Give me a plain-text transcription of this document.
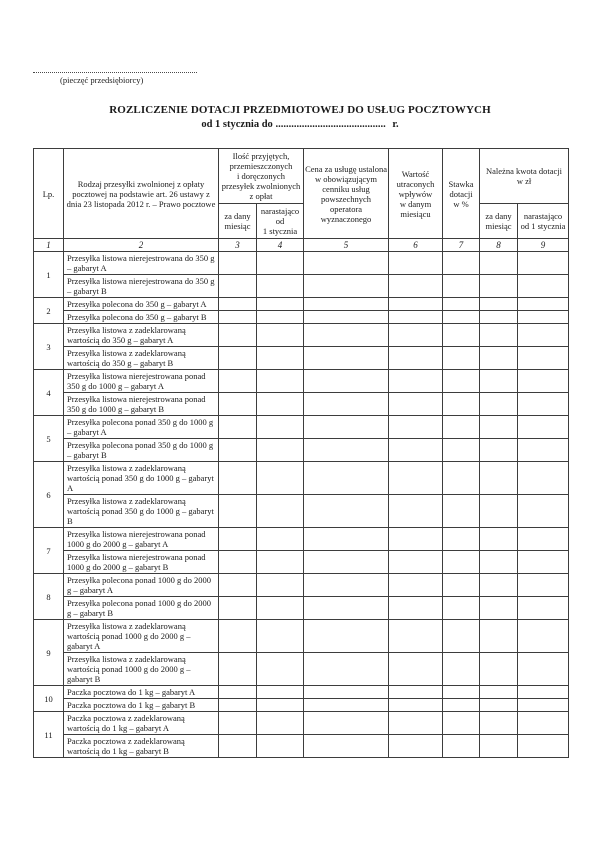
(pieczęć przedsiębiorcy)
ROZLICZENIE DOTACJI PRZEDMIOTOWEJ DO USŁUG POCZTOWYCH
od 1 stycznia do .......................................... r.
Lp.	Rodzaj przesyłki zwolnionej z opłaty pocztowej na podstawie art. 26 ustawy z dnia 23 listopada 2012 r. – Prawo pocztowe	Ilość przyjętych, przemieszczonych i doręczonych przesyłek zwolnionych z opłat		Cena za usługę ustalona w obowiązującym cenniku usług powszechnych operatora wyznaczonego	Wartość utraconych wpływów w danym miesiącu	Stawka dotacji w %	Należna kwota dotacji w zł	
		za dany miesiąc	narastająco od 1 stycznia				za dany miesiąc	narastająco od 1 stycznia
1	2	3	4	5	6	7	8	9
1	Przesyłka listowa nierejestrowana do 350 g – gabaryt A							
	Przesyłka listowa nierejestrowana do 350 g – gabaryt B							
2	Przesyłka polecona do 350 g – gabaryt A							
	Przesyłka polecona do 350 g – gabaryt B							
3	Przesyłka listowa z zadeklarowaną wartością do 350 g – gabaryt A							
	Przesyłka listowa z zadeklarowaną wartością do 350 g – gabaryt B							
4	Przesyłka listowa nierejestrowana ponad 350 g do 1000 g – gabaryt A							
	Przesyłka listowa nierejestrowana ponad 350 g do 1000 g – gabaryt B							
5	Przesyłka polecona ponad 350 g do 1000 g – gabaryt A							
	Przesyłka polecona ponad 350 g do 1000 g – gabaryt B							
6	Przesyłka listowa z zadeklarowaną wartością ponad 350 g do 1000 g – gabaryt A							
	Przesyłka listowa z zadeklarowaną wartością ponad 350 g do 1000 g – gabaryt B							
7	Przesyłka listowa nierejestrowana ponad 1000 g do 2000 g – gabaryt A							
	Przesyłka listowa nierejestrowana ponad 1000 g do 2000 g – gabaryt B							
8	Przesyłka polecona ponad 1000 g do 2000 g – gabaryt A							
	Przesyłka polecona ponad 1000 g do 2000 g – gabaryt B							
9	Przesyłka listowa z zadeklarowaną wartością ponad 1000 g do 2000 g – gabaryt A							
	Przesyłka listowa z zadeklarowaną wartością ponad 1000 g do 2000 g – gabaryt B							
10	Paczka pocztowa do 1 kg – gabaryt A							
	Paczka pocztowa do 1 kg – gabaryt B							
11	Paczka pocztowa z zadeklarowaną wartością do 1 kg – gabaryt A							
	Paczka pocztowa z zadeklarowaną wartością do 1 kg – gabaryt B							
